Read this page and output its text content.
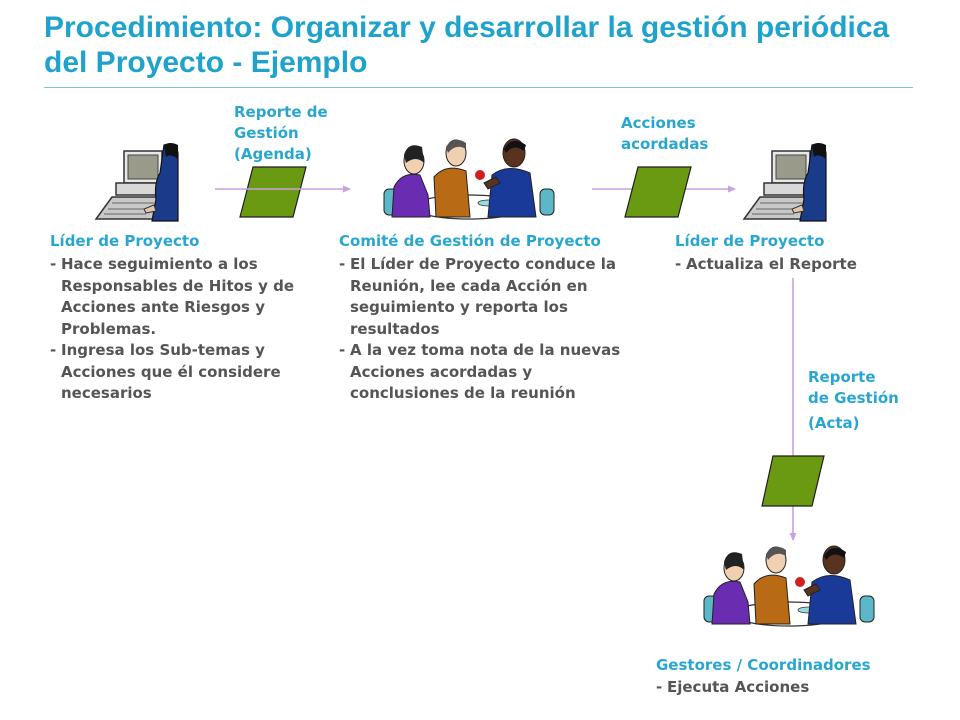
Procedimiento: Organizar y desarrollar la gestión periódica del Proyecto - Ejemplo
Reporte de
Gestión
(Agenda)
Acciones
acordadas
Líder de Proyecto
- Hace seguimiento a los Responsables de Hitos y de Acciones ante Riesgos y Problemas.
- Ingresa los Sub-temas y Acciones que él considere necesarios
Comité de Gestión de Proyecto
- El Líder de Proyecto conduce la Reunión, lee cada Acción en seguimiento y reporta los resultados
- A la vez toma nota de la nuevas Acciones acordadas y conclusiones de la reunión
Líder de Proyecto
- Actualiza el Reporte
Reporte
de Gestión
(Acta)
Gestores / Coordinadores
- Ejecuta Acciones
